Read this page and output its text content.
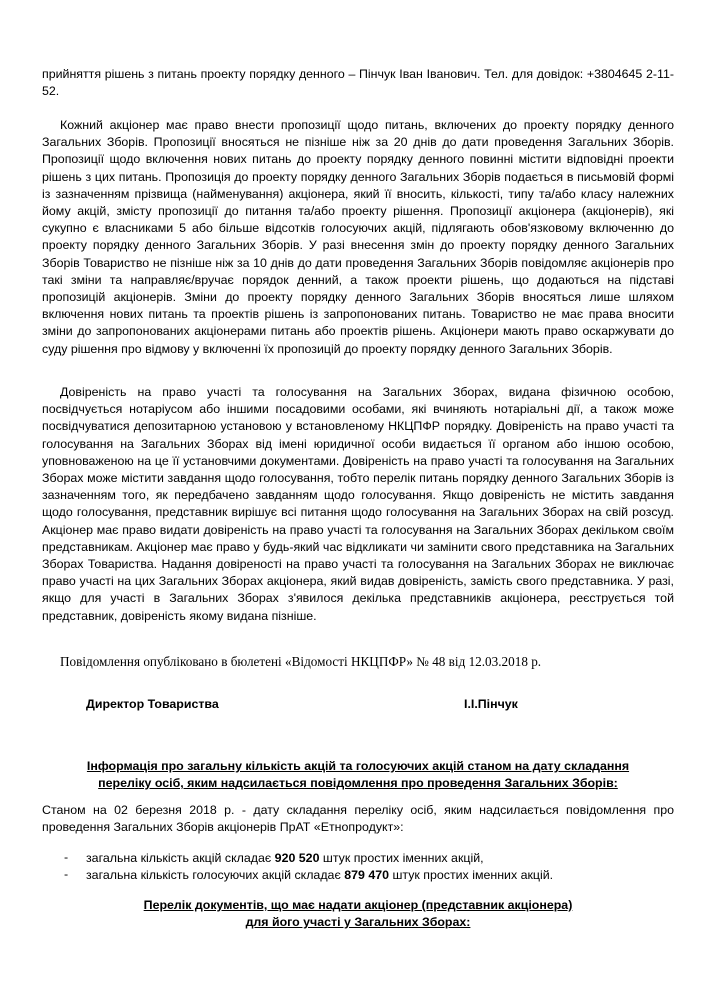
прийняття рішень з питань проекту порядку денного – Пінчук Іван Іванович. Тел. для довідок: +3804645 2-11-52.
Кожний акціонер має право внести пропозиції щодо питань, включених до проекту порядку денного Загальних Зборів. Пропозиції вносяться не пізніше ніж за 20 днів до дати проведення Загальних Зборів. Пропозиції щодо включення нових питань до проекту порядку денного повинні містити відповідні проекти рішень з цих питань. Пропозиція до проекту порядку денного Загальних Зборів подається в письмовій формі із зазначенням прізвища (найменування) акціонера, який її вносить, кількості, типу та/або класу належних йому акцій, змісту пропозиції до питання та/або проекту рішення. Пропозиції акціонера (акціонерів), які сукупно є власниками 5 або більше відсотків голосуючих акцій, підлягають обов'язковому включенню до проекту порядку денного Загальних Зборів. У разі внесення змін до проекту порядку денного Загальних Зборів Товариство не пізніше ніж за 10 днів до дати проведення Загальних Зборів повідомляє акціонерів про такі зміни та направляє/вручає порядок денний, а також проекти рішень, що додаються на підставі пропозицій акціонерів. Зміни до проекту порядку денного Загальних Зборів вносяться лише шляхом включення нових питань та проектів рішень із запропонованих питань. Товариство не має права вносити зміни до запропонованих акціонерами питань або проектів рішень. Акціонери мають право оскаржувати до суду рішення про відмову у включенні їх пропозицій до проекту порядку денного Загальних Зборів.
Довіреність на право участі та голосування на Загальних Зборах, видана фізичною особою, посвідчується нотаріусом або іншими посадовими особами, які вчиняють нотаріальні дії, а також може посвідчуватися депозитарною установою у встановленому НКЦПФР порядку. Довіреність на право участі та голосування на Загальних Зборах від імені юридичної особи видається її органом або іншою особою, уповноваженою на це її установчими документами. Довіреність на право участі та голосування на Загальних Зборах може містити завдання щодо голосування, тобто перелік питань порядку денного Загальних Зборів із зазначенням того, як передбачено завданням щодо голосування. Якщо довіреність не містить завдання щодо голосування, представник вирішує всі питання щодо голосування на Загальних Зборах на свій розсуд. Акціонер має право видати довіреність на право участі та голосування на Загальних Зборах декільком своїм представникам. Акціонер має право у будь-який час відкликати чи замінити свого представника на Загальних Зборах Товариства. Надання довіреності на право участі та голосування на Загальних Зборах не виключає право участі на цих Загальних Зборах акціонера, який видав довіреність, замість свого представника. У разі, якщо для участі в Загальних Зборах з'явилося декілька представників акціонера, реєструється той представник, довіреність якому видана пізніше.
Повідомлення опубліковано в бюлетені «Відомості НКЦПФР» № 48 від 12.03.2018 р.
Директор Товариства	І.І.Пінчук
Інформація про загальну кількість акцій та голосуючих акцій станом на дату складання
переліку осіб, яким надсилається повідомлення про проведення Загальних Зборів:
Станом на 02 березня 2018 р. - дату складання переліку осіб, яким надсилається повідомлення про проведення Загальних Зборів акціонерів ПрАТ «Етнопродукт»:
- загальна кількість акцій складає 920 520 штук простих іменних акцій,
- загальна кількість голосуючих акцій складає 879 470 штук простих іменних акцій.
Перелік документів, що має надати акціонер (представник акціонера)
для його участі у Загальних Зборах:
